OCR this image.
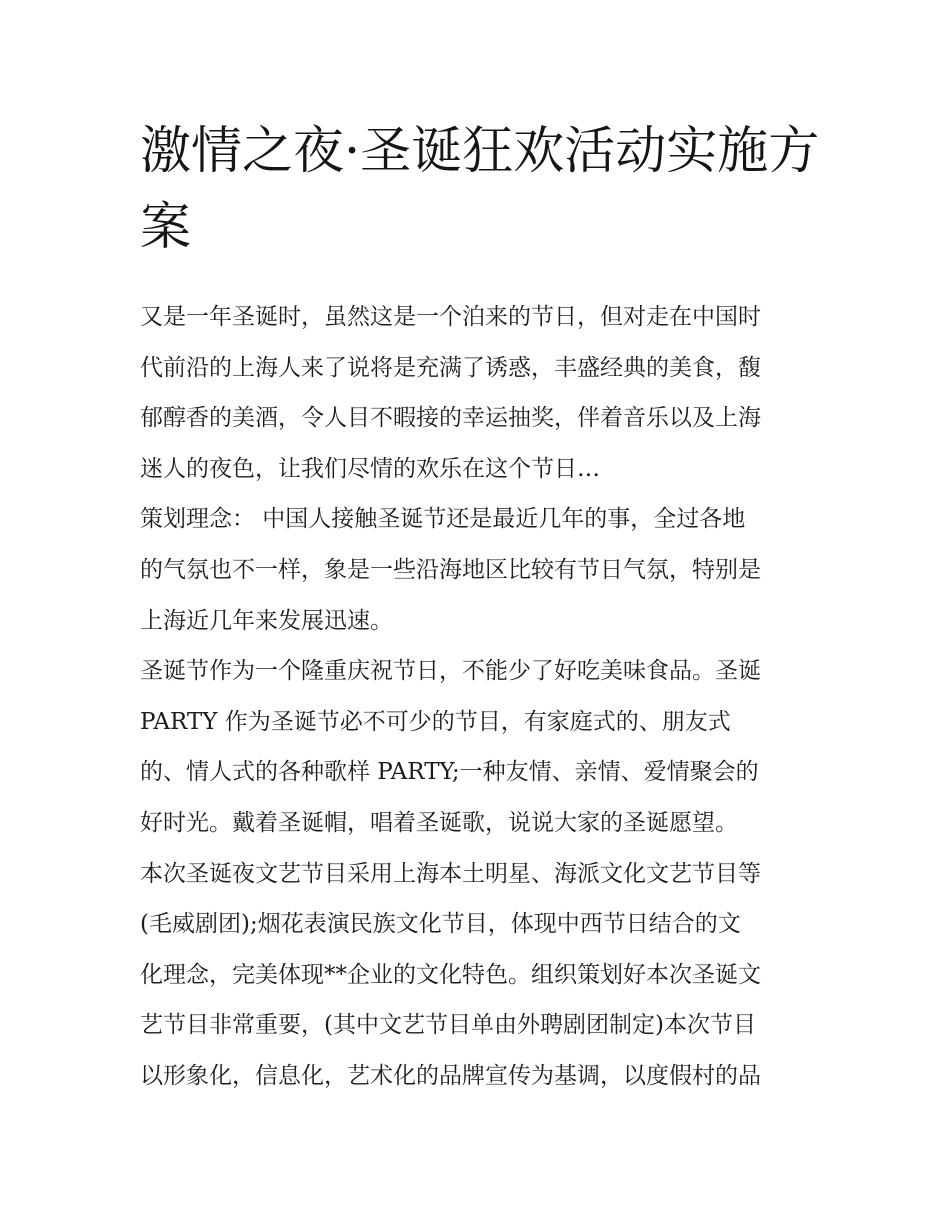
激情之夜·圣诞狂欢活动实施方
案

又是一年圣诞时，虽然这是一个泊来的节日，但对走在中国时
代前沿的上海人来了说将是充满了诱惑，丰盛经典的美食，馥
郁醇香的美酒，令人目不暇接的幸运抽奖，伴着音乐以及上海
迷人的夜色，让我们尽情的欢乐在这个节日…

策划理念： 中国人接触圣诞节还是最近几年的事，全过各地
的气氛也不一样，象是一些沿海地区比较有节日气氛，特别是
上海近几年来发展迅速。

圣诞节作为一个隆重庆祝节日，不能少了好吃美味食品。圣诞
PARTY 作为圣诞节必不可少的节目，有家庭式的、朋友式
的、情人式的各种歌样 PARTY;一种友情、亲情、爱情聚会的
好时光。戴着圣诞帽，唱着圣诞歌，说说大家的圣诞愿望。

本次圣诞夜文艺节目采用上海本土明星、海派文化文艺节目等
(毛威剧团);烟花表演民族文化节目，体现中西节日结合的文
化理念，完美体现**企业的文化特色。组织策划好本次圣诞文
艺节目非常重要，(其中文艺节目单由外聘剧团制定)本次节目
以形象化，信息化，艺术化的品牌宣传为基调，以度假村的品
